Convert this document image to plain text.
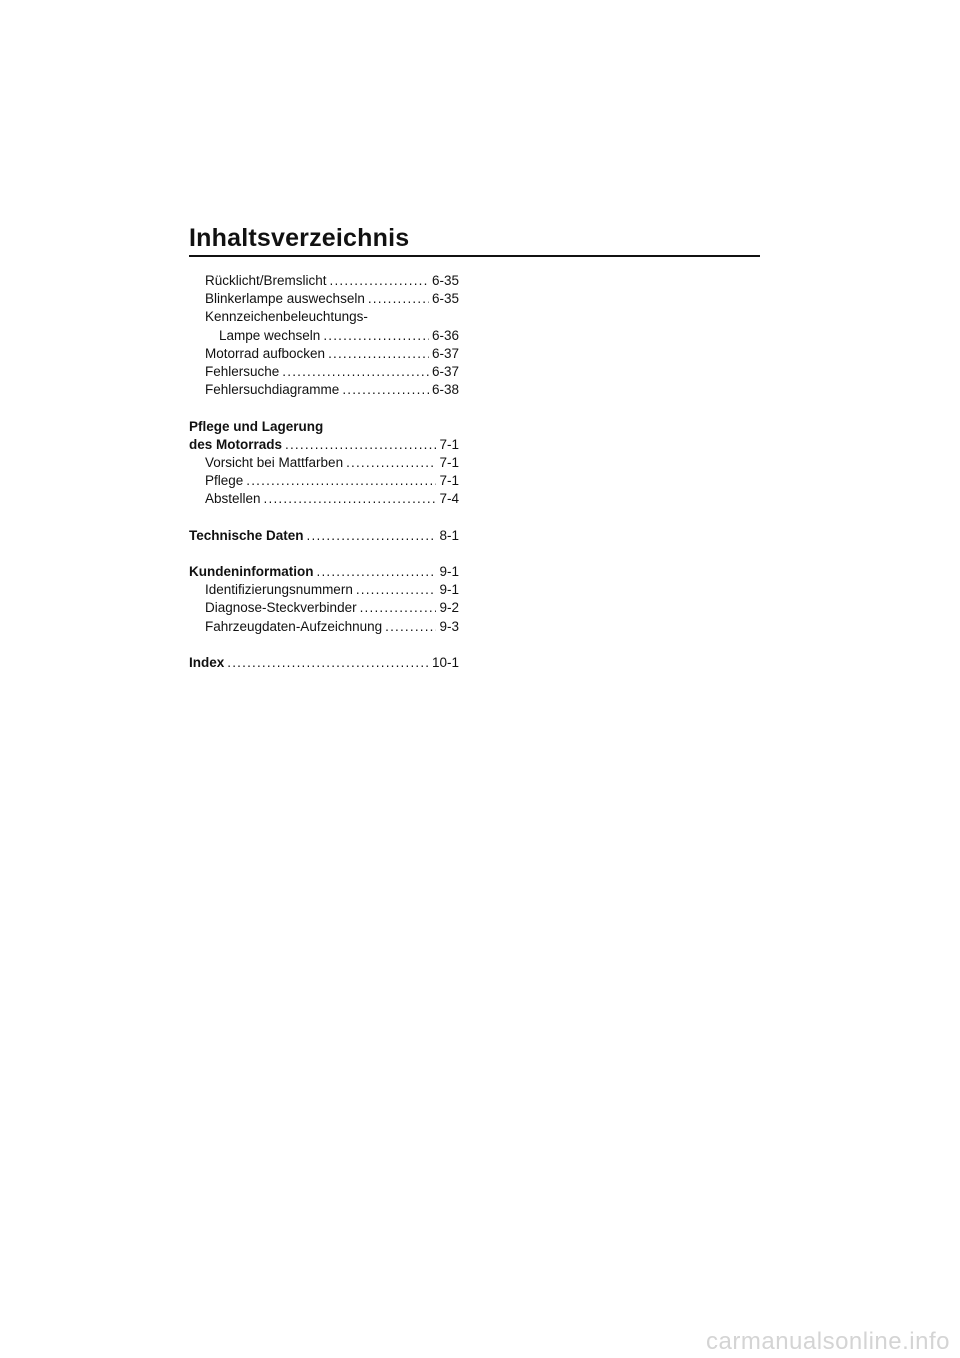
Inhaltsverzeichnis
Rücklicht/Bremslicht .....	6-35
Blinkerlampe auswechseln .....	6-35
Kennzeichenbeleuchtungs-
Lampe wechseln .....	6-36
Motorrad aufbocken .....	6-37
Fehlersuche .....	6-37
Fehlersuchdiagramme .....	6-38
Pflege und Lagerung
des Motorrads .....	7-1
Vorsicht bei Mattfarben .....	7-1
Pflege .....	7-1
Abstellen .....	7-4
Technische Daten .....	8-1
Kundeninformation .....	9-1
Identifizierungsnummern .....	9-1
Diagnose-Steckverbinder .....	9-2
Fahrzeugdaten-Aufzeichnung .....	9-3
Index .....	10-1
carmanualsonline.info
